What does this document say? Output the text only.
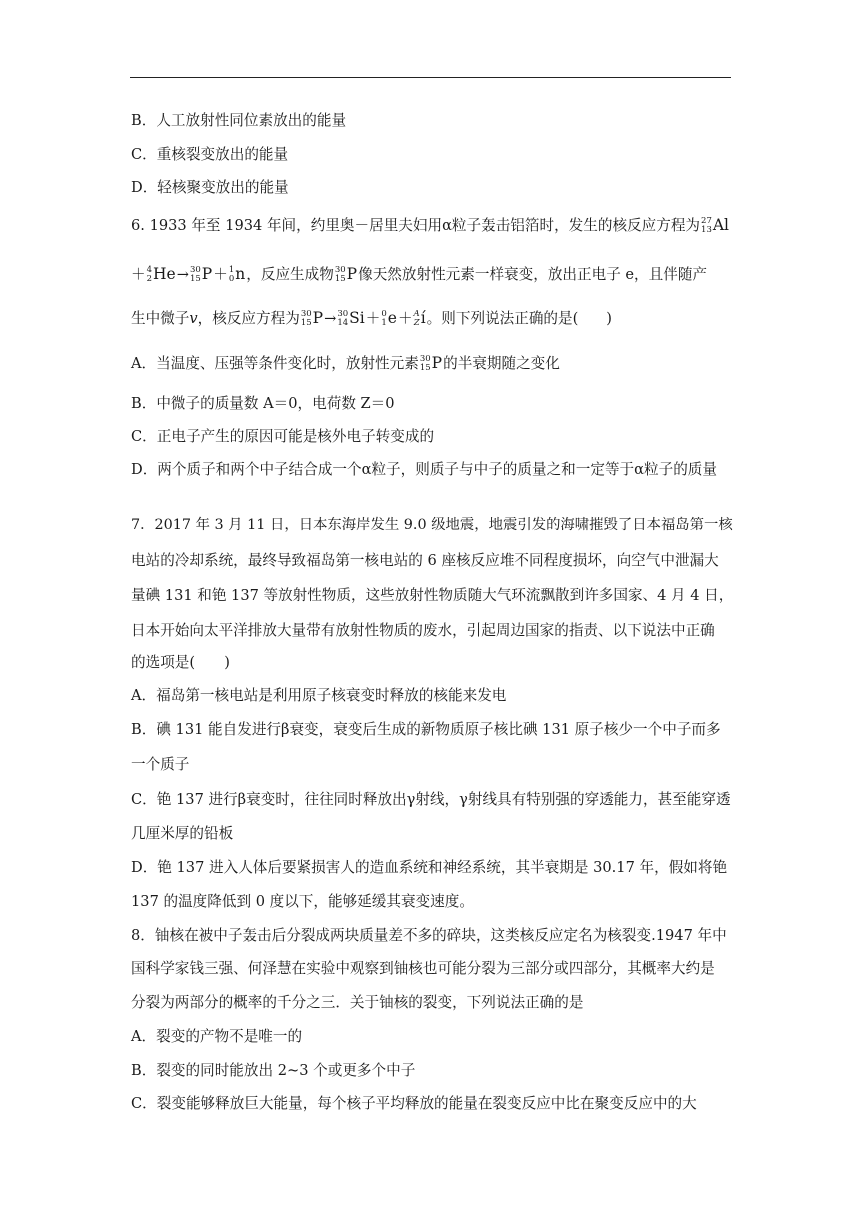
B．人工放射性同位素放出的能量
C．重核裂变放出的能量
D．轻核聚变放出的能量
6. 1933 年至 1934 年间，约里奥－居里夫妇用α粒子轰击铝箔时，发生的核反应方程为 27
13 Al
＋ 4
2 He → 30
15 P ＋ 1
0 n ，反应生成物 30
15 P 像天然放射性元素一样衰变，放出正电子 e，且伴随产
生中微子v，核反应方程为 30
15 P → 30
14 Si ＋ 0
1 e ＋ A
Z í 。则下列说法正确的是( )
A．当温度、压强等条件变化时，放射性元素 30
15 P 的半衰期随之变化
B．中微子的质量数 A＝0，电荷数 Z＝0
C．正电子产生的原因可能是核外电子转变成的
D．两个质子和两个中子结合成一个α粒子，则质子与中子的质量之和一定等于α粒子的质量
7．2017 年 3 月 11 日，日本东海岸发生 9.0 级地震，地震引发的海啸摧毁了日本福岛第一核
电站的冷却系统，最终导致福岛第一核电站的 6 座核反应堆不同程度损坏，向空气中泄漏大
量碘 131 和铯 137 等放射性物质，这些放射性物质随大气环流飘散到许多国家、4 月 4 日，
日本开始向太平洋排放大量带有放射性物质的废水，引起周边国家的指责、以下说法中正确
的选项是(　　)
A．福岛第一核电站是利用原子核衰变时释放的核能来发电
B．碘 131 能自发进行β衰变，衰变后生成的新物质原子核比碘 131 原子核少一个中子而多
一个质子
C．铯 137 进行β衰变时，往往同时释放出γ射线，γ射线具有特别强的穿透能力，甚至能穿透
几厘米厚的铅板
D．铯 137 进入人体后要紧损害人的造血系统和神经系统，其半衰期是 30.17 年，假如将铯
137 的温度降低到 0 度以下，能够延缓其衰变速度。
8．铀核在被中子轰击后分裂成两块质量差不多的碎块，这类核反应定名为核裂变.1947 年中
国科学家钱三强、何泽慧在实验中观察到铀核也可能分裂为三部分或四部分，其概率大约是
分裂为两部分的概率的千分之三．关于铀核的裂变，下列说法正确的是
A．裂变的产物不是唯一的
B．裂变的同时能放出 2~3 个或更多个中子
C．裂变能够释放巨大能量，每个核子平均释放的能量在裂变反应中比在聚变反应中的大
